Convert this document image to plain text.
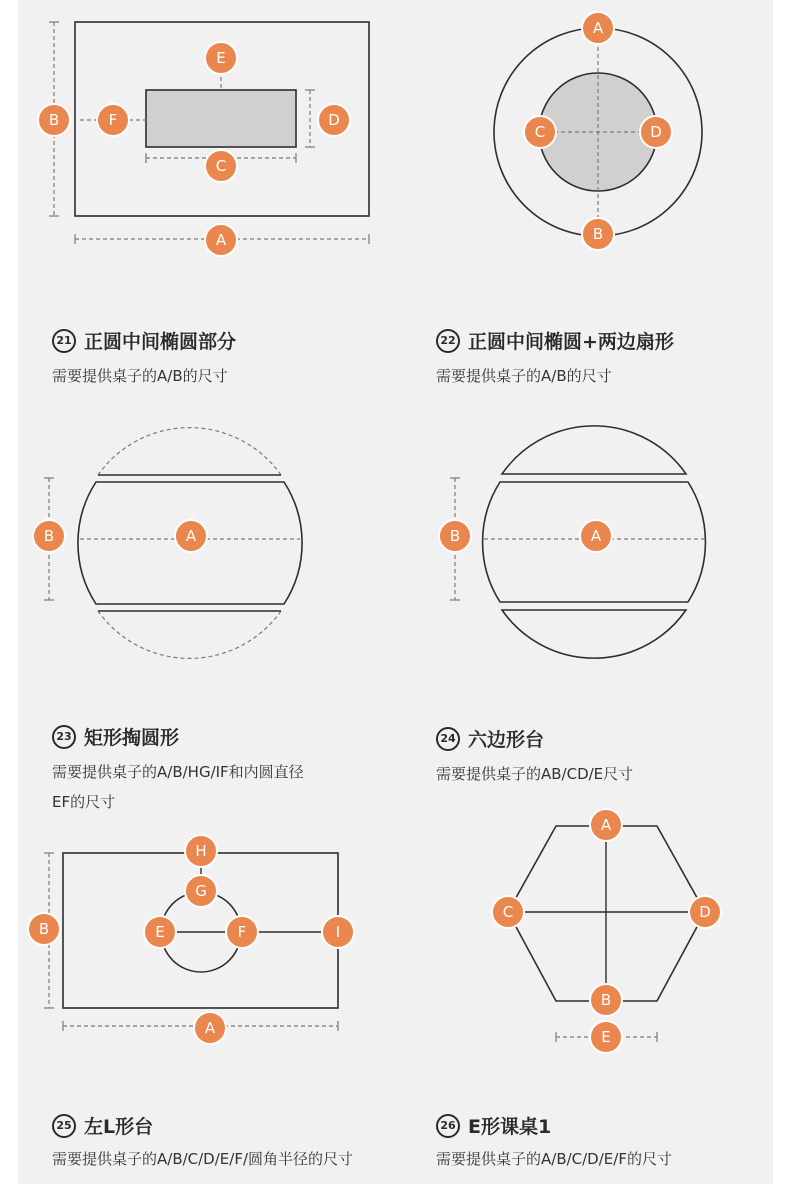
E
B	F	D
C
A
A
C	D
B
B	A	B	A
H
G
B	E	F	I
A
A
C	D
B
E
21 正圆中间椭圆部分
需要提供桌子的A/B的尺寸
22 正圆中间椭圆+两边扇形
需要提供桌子的A/B的尺寸
23 矩形掏圆形
需要提供桌子的A/B/HG/IF和内圆直径
EF的尺寸
24 六边形台
需要提供桌子的AB/CD/E尺寸
25 左L形台
需要提供桌子的A/B/C/D/E/F/圆角半径的尺寸
26 E形课桌1
需要提供桌子的A/B/C/D/E/F的尺寸
